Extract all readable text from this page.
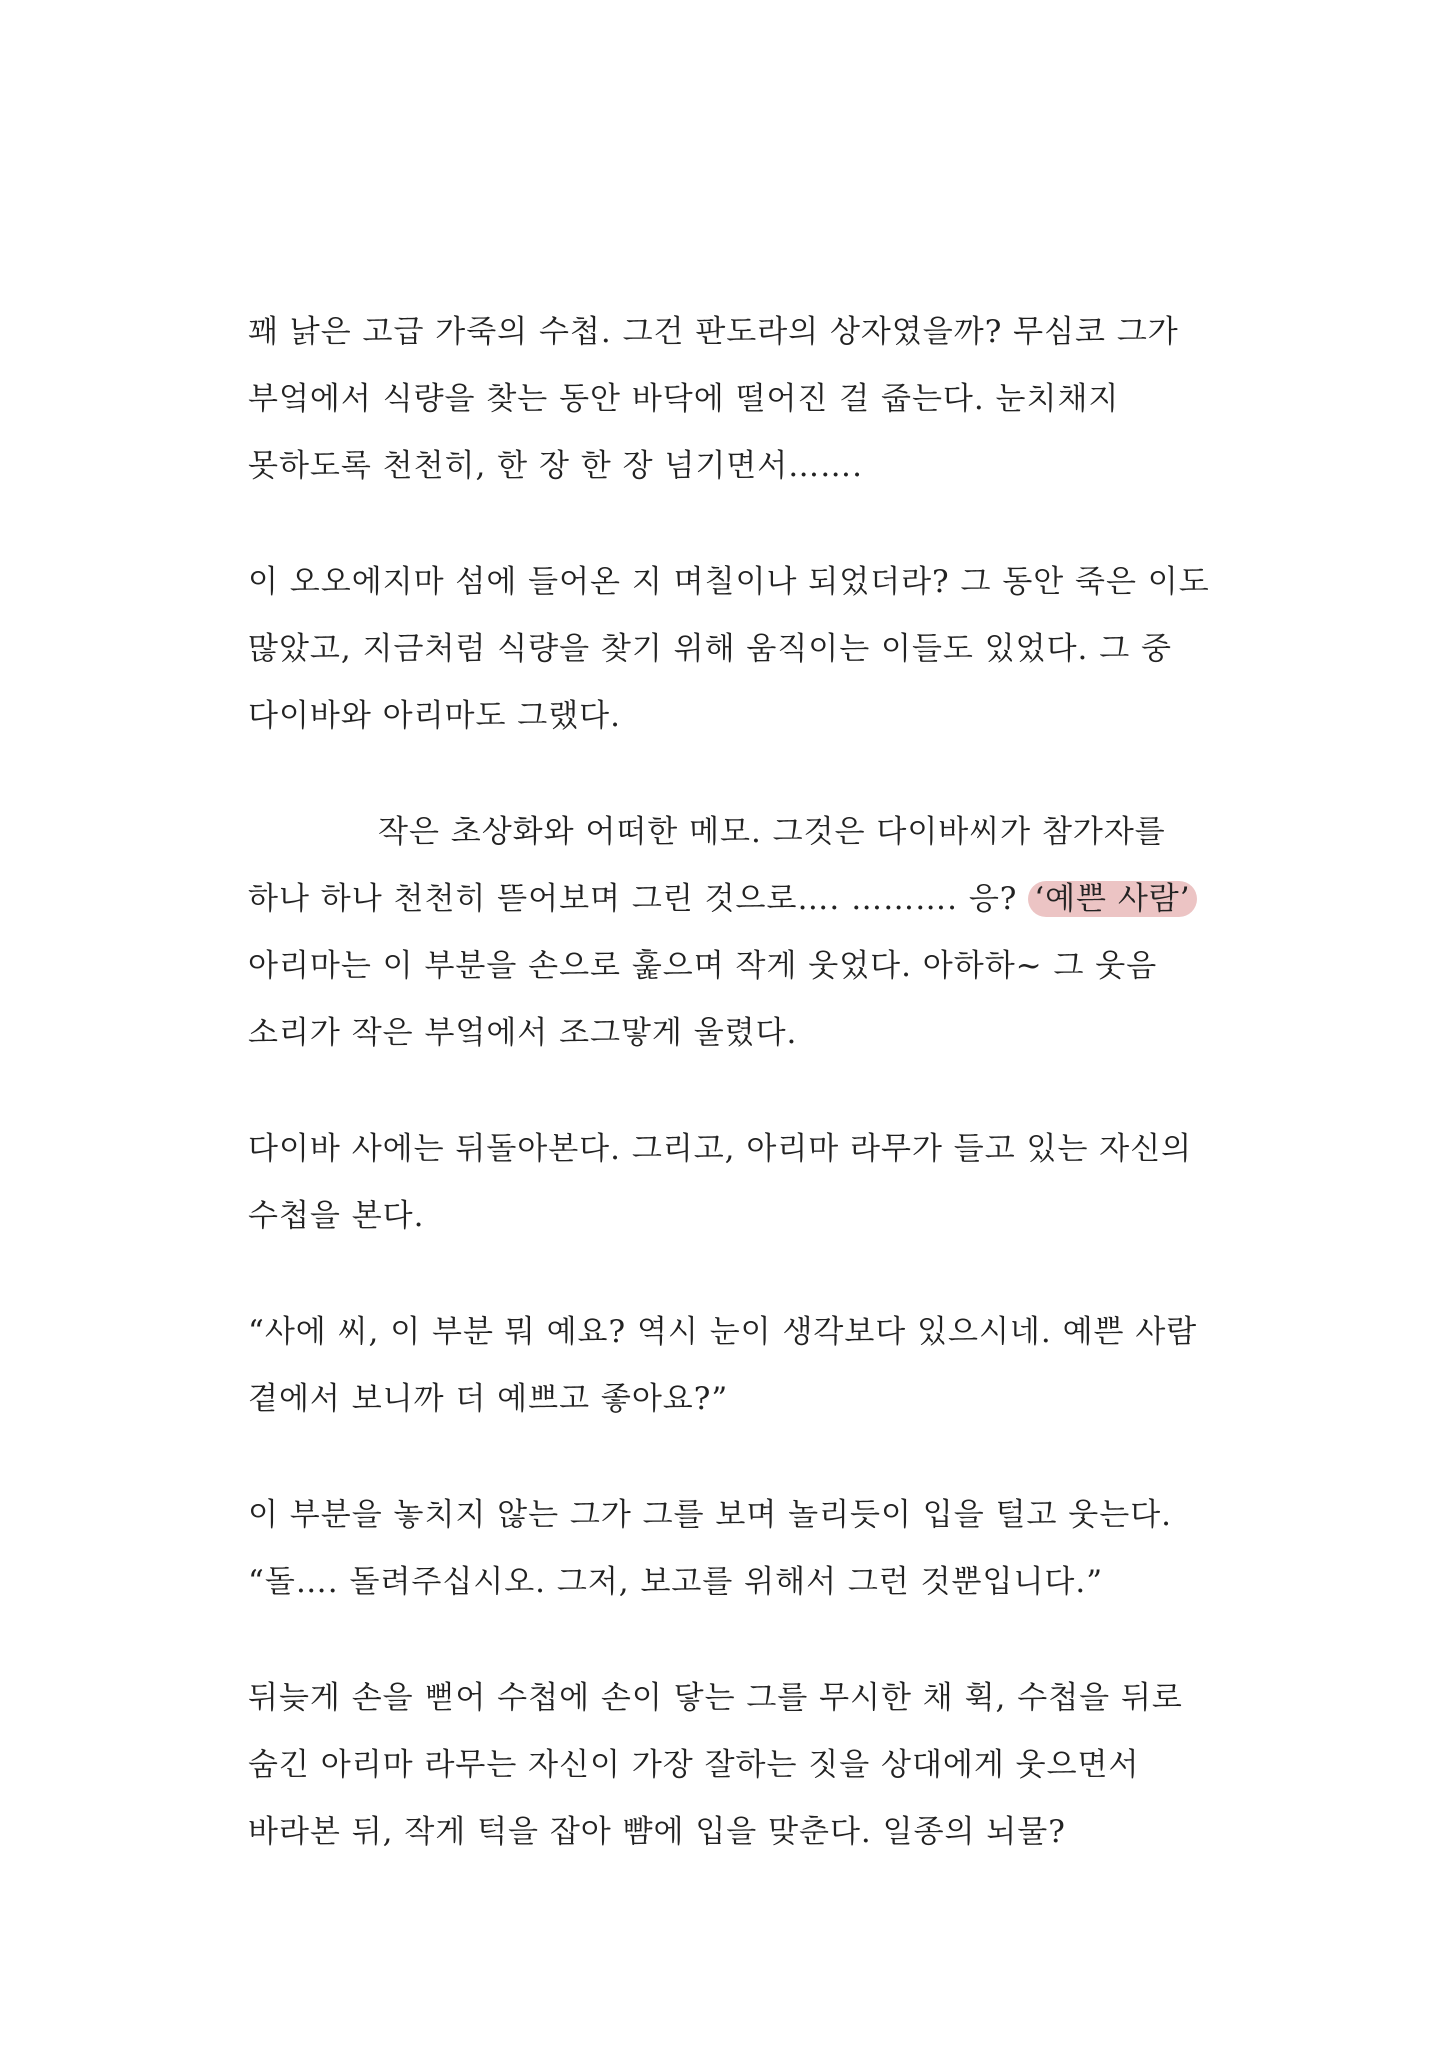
꽤 낡은 고급 가죽의 수첩. 그건 판도라의 상자였을까? 무심코 그가
부엌에서 식량을 찾는 동안 바닥에 떨어진 걸 줍는다. 눈치채지
못하도록 천천히, 한 장 한 장 넘기면서…….

이 오오에지마 섬에 들어온 지 며칠이나 되었더라? 그 동안 죽은 이도
많았고, 지금처럼 식량을 찾기 위해 움직이는 이들도 있었다. 그 중
다이바와 아리마도 그랬다.

작은 초상화와 어떠한 메모. 그것은 다이바씨가 참가자를
하나 하나 천천히 뜯어보며 그린 것으로…. ………. 응? ‘예쁜 사람’
아리마는 이 부분을 손으로 훑으며 작게 웃었다. 아하하~ 그 웃음
소리가 작은 부엌에서 조그맣게 울렸다.

다이바 사에는 뒤돌아본다. 그리고, 아리마 라무가 들고 있는 자신의
수첩을 본다.

“사에 씨, 이 부분 뭐 예요? 역시 눈이 생각보다 있으시네. 예쁜 사람
곁에서 보니까 더 예쁘고 좋아요?”

이 부분을 놓치지 않는 그가 그를 보며 놀리듯이 입을 털고 웃는다.
“돌…. 돌려주십시오. 그저, 보고를 위해서 그런 것뿐입니다.”

뒤늦게 손을 뻗어 수첩에 손이 닿는 그를 무시한 채 휙, 수첩을 뒤로
숨긴 아리마 라무는 자신이 가장 잘하는 짓을 상대에게 웃으면서
바라본 뒤, 작게 턱을 잡아 뺨에 입을 맞춘다. 일종의 뇌물?
